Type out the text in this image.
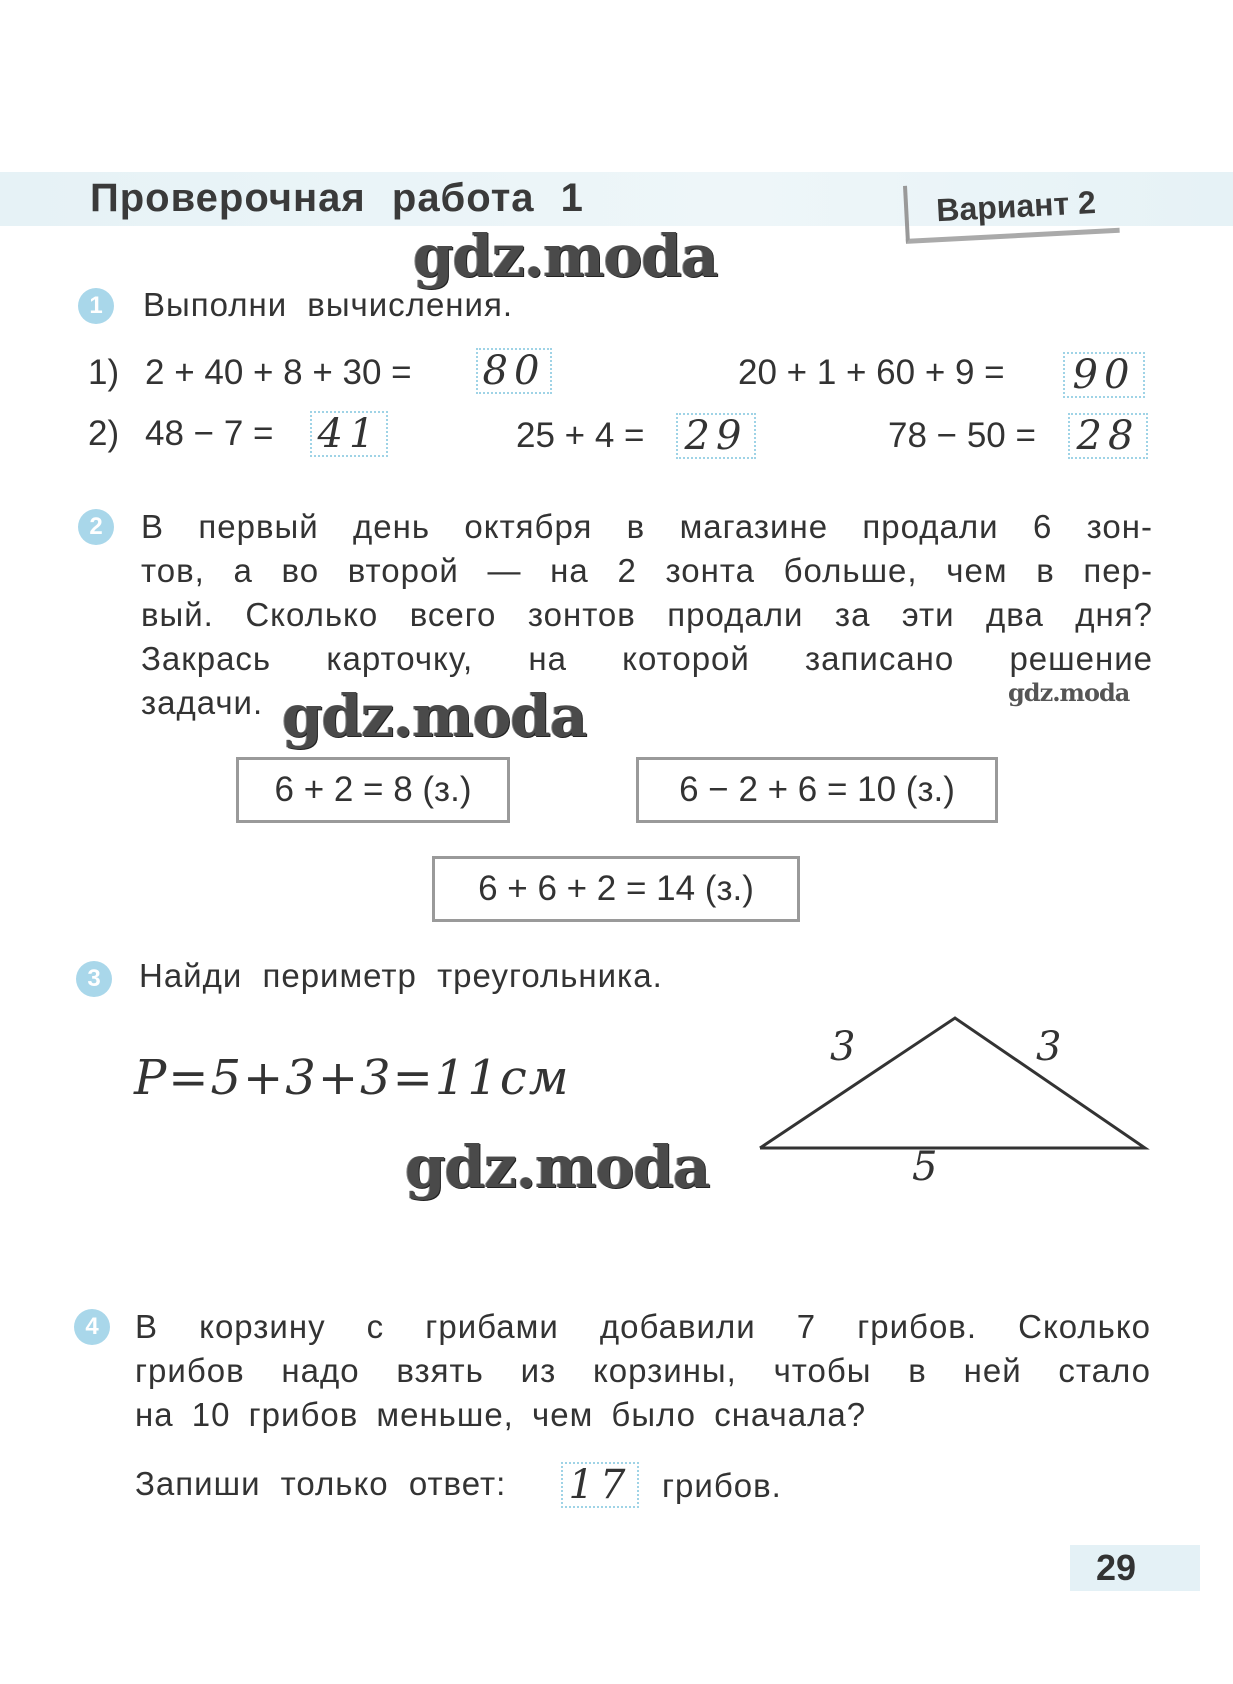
Проверочная работа 1	Вариант 2
gdz.moda
1	Выполни вычисления.
1) 2 + 40 + 8 + 30 = 80	20 + 1 + 60 + 9 = 90
2) 48 − 7 = 41	25 + 4 = 29	78 − 50 = 28
2	В первый день октября в магазине продали 6 зон-
тов, а во второй — на 2 зонта больше, чем в пер-
вый. Сколько всего зонтов продали за эти два дня?
Закрась карточку, на которой записано решение
задачи. gdz.moda	gdz.moda
6 + 2 = 8 (з.)	6 − 2 + 6 = 10 (з.)
6 + 6 + 2 = 14 (з.)
3	Найди периметр треугольника.
P=5+3+3=11см
3	3
5
gdz.moda
4	В корзину с грибами добавили 7 грибов. Сколько
грибов надо взять из корзины, чтобы в ней стало
на 10 грибов меньше, чем было сначала?
Запиши только ответ: 17 грибов.
29
